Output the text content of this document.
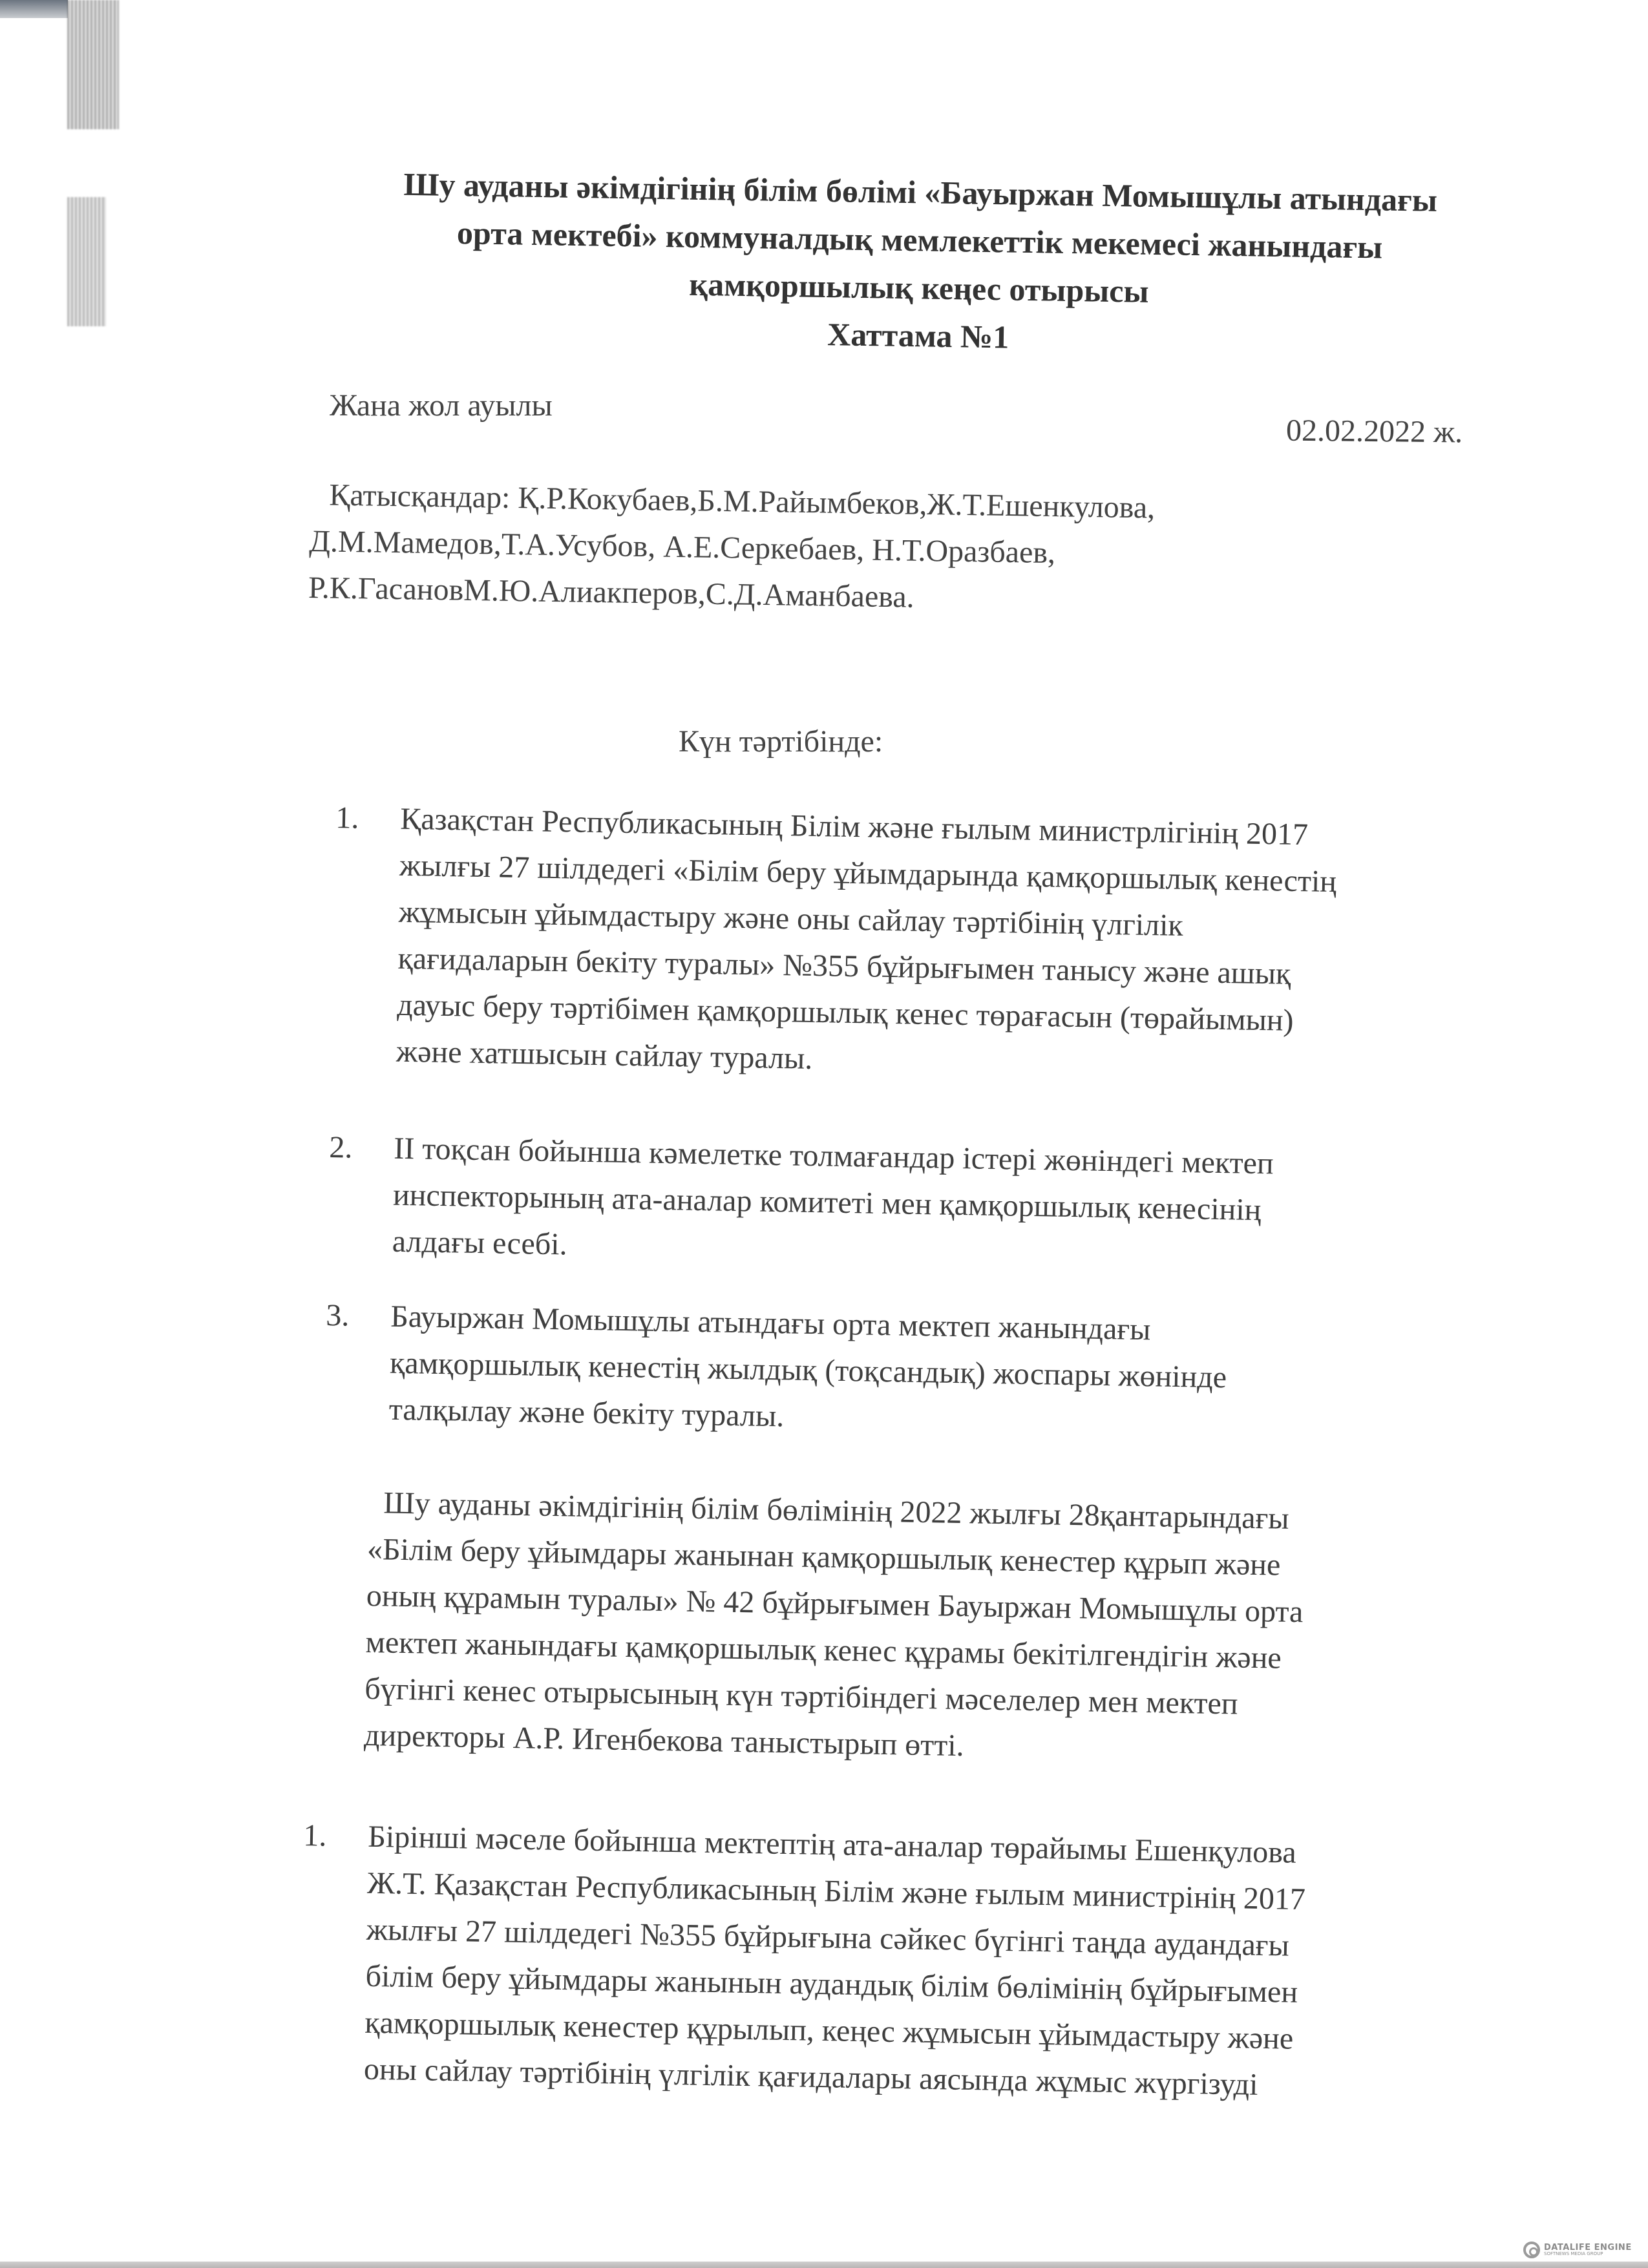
Шу ауданы әкімдігінің білім бөлімі «Бауыржан Момышұлы атындағы
орта мектебі» коммуналдық мемлекеттік мекемесі жанындағы
қамқоршылық кеңес отырысы
Хаттама №1
Жана жол ауылы
02.02.2022 ж.
Қатысқандар: Қ.Р.Кокубаев,Б.М.Райымбеков,Ж.Т.Ешенкулова,
Д.М.Мамедов,Т.А.Усубов, А.Е.Серкебаев, Н.Т.Оразбаев,
Р.К.ГасановМ.Ю.Алиакперов,С.Д.Аманбаева.
Күн тәртібінде:
1. Қазақстан Республикасының Білім және ғылым министрлігінің 2017
жылғы 27 шілдедегі «Білім беру ұйымдарында қамқоршылық кенестің
жұмысын ұйымдастыру және оны сайлау тәртібінің үлгілік
қағидаларын бекіту туралы» №355 бұйрығымен танысу және ашық
дауыс беру тәртібімен қамқоршылық кенес төрағасын (төрайымын)
және хатшысын сайлау туралы.
2. ІІ тоқсан бойынша кәмелетке толмағандар істері жөніндегі мектеп
инспекторының ата-аналар комитеті мен қамқоршылық кенесінің
алдағы есебі.
3. Бауыржан Момышұлы атындағы орта мектеп жанындағы
қамқоршылық кенестің жылдық (тоқсандық) жоспары жөнінде
талқылау және бекіту туралы.
Шу ауданы әкімдігінің білім бөлімінің 2022 жылғы 28қантарындағы
«Білім беру ұйымдары жанынан қамқоршылық кенестер құрып және
оның құрамын туралы» № 42 бұйрығымен Бауыржан Момышұлы орта
мектеп жанындағы қамқоршылық кенес құрамы бекітілгендігін және
бүгінгі кенес отырысының күн тәртібіндегі мәселелер мен мектеп
директоры А.Р. Игенбекова таныстырып өтті.
1. Бірінші мәселе бойынша мектептің ата-аналар төрайымы Ешенқулова
Ж.Т. Қазақстан Республикасының Білім және ғылым министрінің 2017
жылғы 27 шілдедегі №355 бұйрығына сәйкес бүгінгі таңда аудандағы
білім беру ұйымдары жанынын аудандық білім бөлімінің бұйрығымен
қамқоршылық кенестер құрылып, кеңес жұмысын ұйымдастыру және
оны сайлау тәртібінің үлгілік қағидалары аясында жұмыс жүргізуді
DATALIFE ENGINE
SOFTNEWS MEDIA GROUP
